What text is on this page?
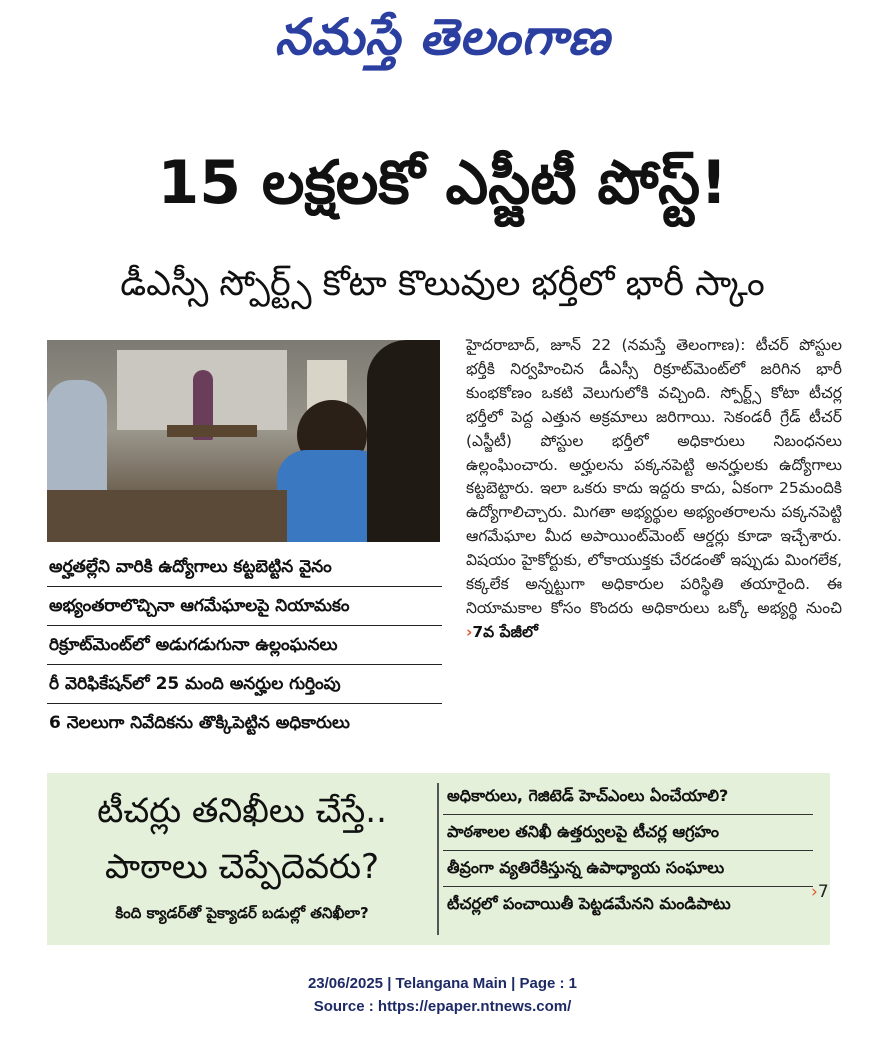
నమస్తే తెలంగాణ
15 లక్షలకో ఎస్జీటీ పోస్ట్!
డీఎస్సీ స్పోర్ట్స్ కోటా కొలువుల భర్తీలో భారీ స్కాం
అర్హతల్లేని వారికి ఉద్యోగాలు కట్టబెట్టిన వైనం
అభ్యంతరాలొచ్చినా ఆగమేఘాలపై నియామకం
రిక్రూట్‌మెంట్‌లో అడుగడుగునా ఉల్లంఘనలు
రీ వెరిఫికేషన్‌లో 25 మంది అనర్హుల గుర్తింపు
6 నెలలుగా నివేదికను తొక్కిపెట్టిన అధికారులు
హైదరాబాద్, జూన్ 22 (నమస్తే తెలంగాణ): టీచర్ పోస్టుల భర్తీకి నిర్వహించిన డీఎస్సీ రిక్రూట్‌మెంట్‌లో జరిగిన భారీ కుంభకోణం ఒకటి వెలుగులోకి వచ్చింది. స్పోర్ట్స్ కోటా టీచర్ల భర్తీలో పెద్ద ఎత్తున అక్రమాలు జరిగాయి. సెకండరీ గ్రేడ్ టీచర్ (ఎస్జీటీ) పోస్టుల భర్తీలో అధికారులు నిబంధనలు ఉల్లంఘించారు. అర్హులను పక్కనపెట్టి అనర్హులకు ఉద్యోగాలు కట్టబెట్టారు. ఇలా ఒకరు కాదు ఇద్దరు కాదు, ఏకంగా 25మందికి ఉద్యోగాలిచ్చారు. మిగతా అభ్యర్థుల అభ్యంతరాలను పక్కనపెట్టి ఆగమేఘాల మీద అపాయింట్‌మెంట్ ఆర్డర్లు కూడా ఇచ్చేశారు. విషయం హైకోర్టుకు, లోకాయుక్తకు చేరడంతో ఇప్పుడు మింగలేక, కక్కలేక అన్నట్టుగా అధికారుల పరిస్థితి తయారైంది. ఈ నియామకాల కోసం కొందరు అధికారులు ఒక్కో అభ్యర్థి నుంచి ›7వ పేజీలో
టీచర్లు తనిఖీలు చేస్తే..
పాఠాలు చెప్పేదెవరు?
కింది క్యాడర్‌తో పైక్యాడర్ బడుల్లో తనిఖీలా?
అధికారులు, గెజిటెడ్ హెచ్‌ఎంలు ఏంచేయాలి?
పాఠశాలల తనిఖీ ఉత్తర్వులపై టీచర్ల ఆగ్రహం
తీవ్రంగా వ్యతిరేకిస్తున్న ఉపాధ్యాయ సంఘాలు
టీచర్లలో పంచాయితీ పెట్టడమేనని మండిపాటు
›7
23/06/2025 | Telangana Main | Page : 1
Source : https://epaper.ntnews.com/
